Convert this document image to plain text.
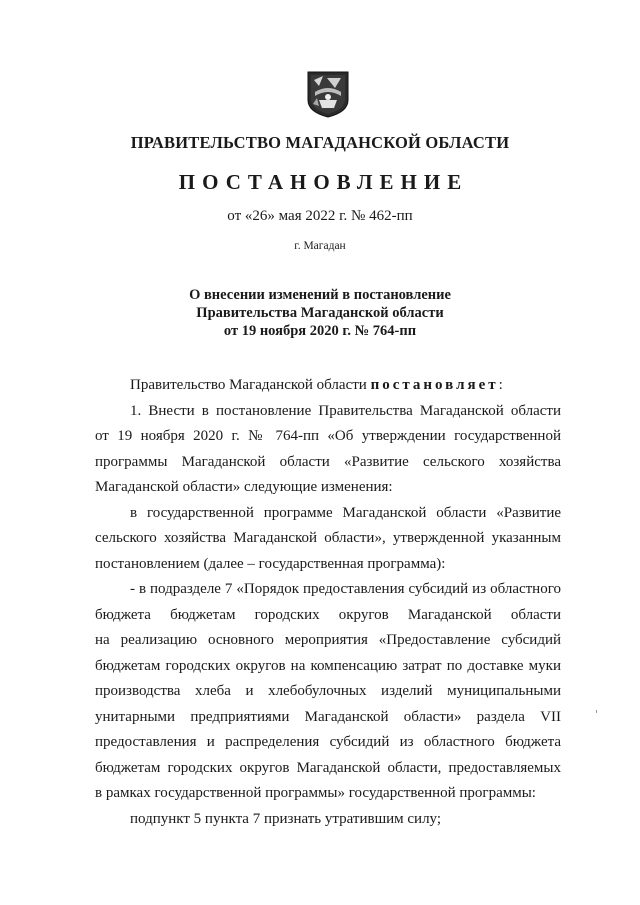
ПРАВИТЕЛЬСТВО МАГАДАНСКОЙ ОБЛАСТИ
ПОСТАНОВЛЕНИЕ
от «26» мая 2022 г. № 462-пп
г. Магадан
О внесении изменений в постановление
Правительства Магаданской области
от 19 ноября 2020 г. № 764-пп
Правительство Магаданской области постановляет:
1. Внести в постановление Правительства Магаданской области
от 19 ноября 2020 г. № 764-пп «Об утверждении государственной
программы Магаданской области «Развитие сельского хозяйства
Магаданской области» следующие изменения:
в государственной программе Магаданской области «Развитие
сельского хозяйства Магаданской области», утвержденной указанным
постановлением (далее – государственная программа):
- в подразделе 7 «Порядок предоставления субсидий из областного
бюджета бюджетам городских округов Магаданской области
на реализацию основного мероприятия «Предоставление субсидий
бюджетам городских округов на компенсацию затрат по доставке муки
производства хлеба и хлебобулочных изделий муниципальными
унитарными предприятиями Магаданской области» раздела VII
предоставления и распределения субсидий из областного бюджета
бюджетам городских округов Магаданской области, предоставляемых
в рамках государственной программы» государственной программы:
подпункт 5 пункта 7 признать утратившим силу;
